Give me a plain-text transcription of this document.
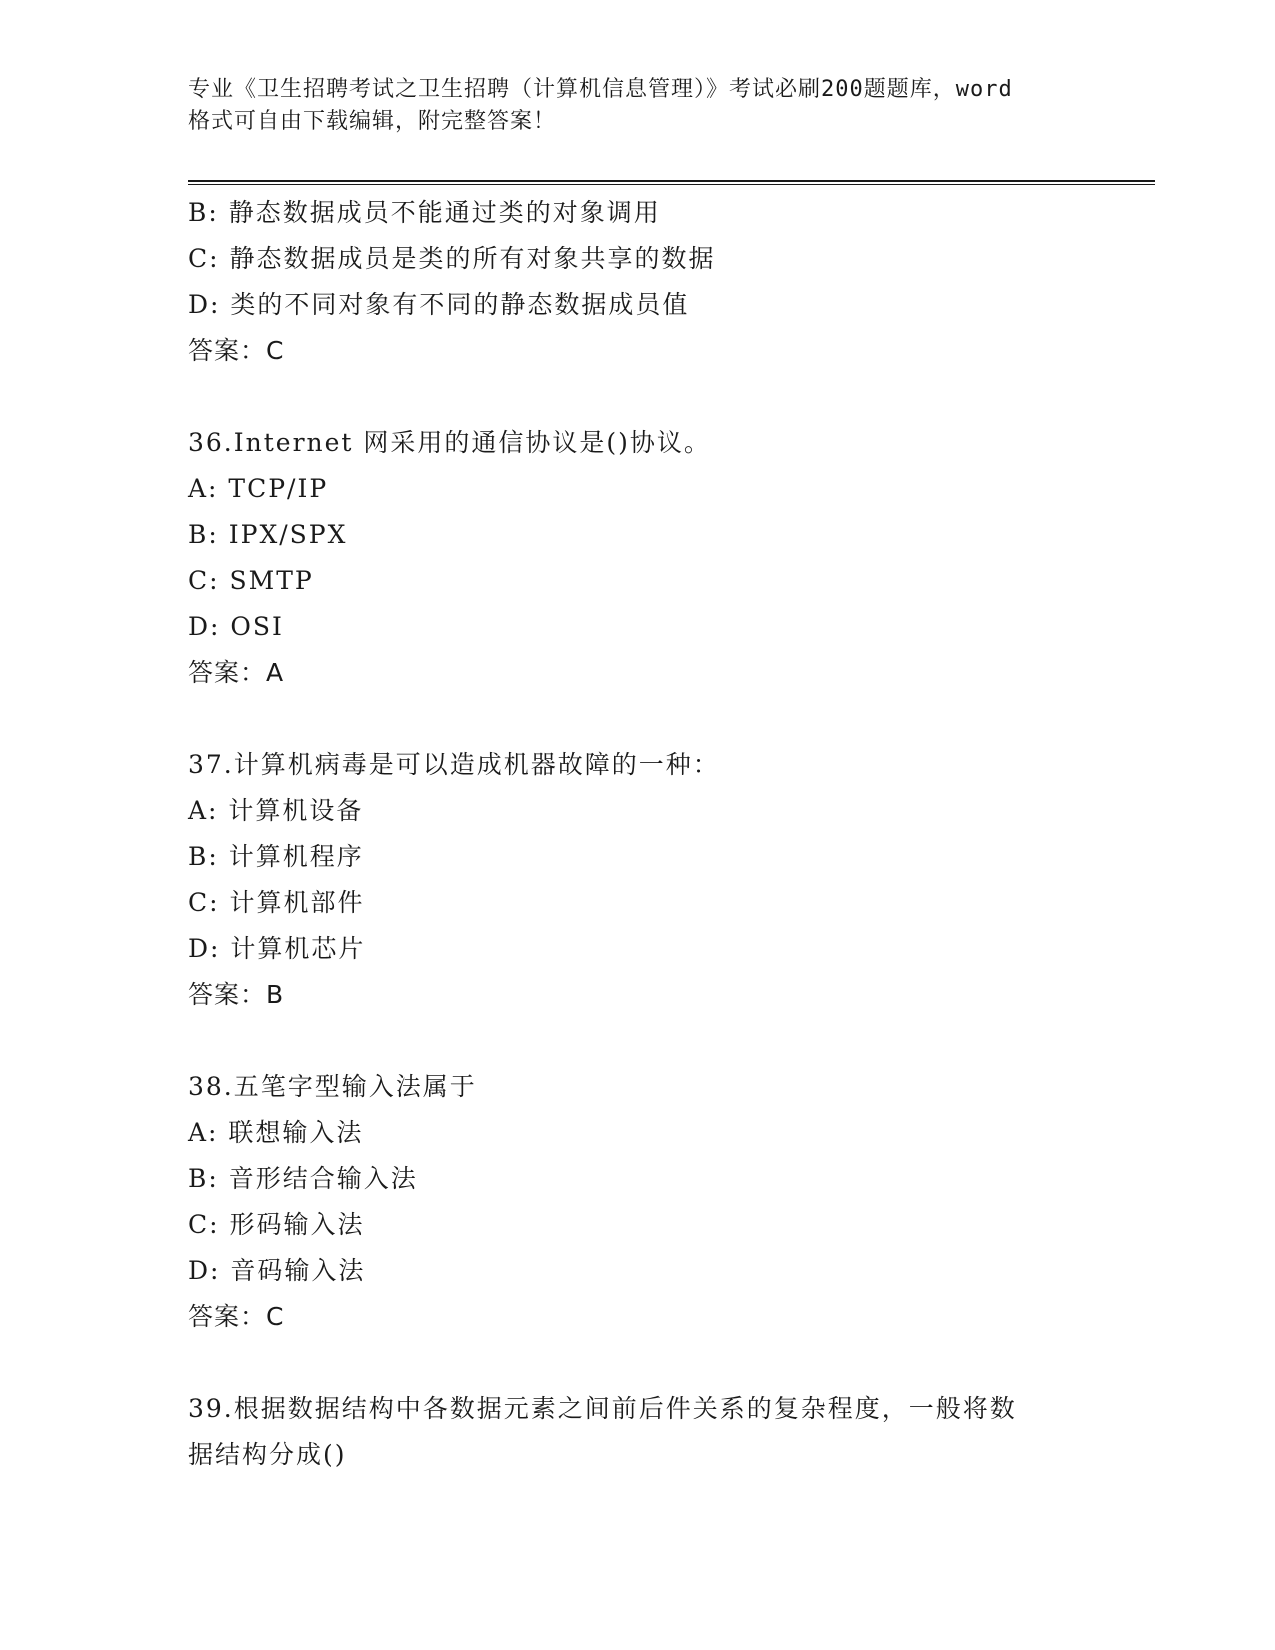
专业《卫生招聘考试之卫生招聘（计算机信息管理）》考试必刷200题题库，word
格式可自由下载编辑，附完整答案！
B: 静态数据成员不能通过类的对象调用
C: 静态数据成员是类的所有对象共享的数据
D: 类的不同对象有不同的静态数据成员值
答案：C
36.Internet 网采用的通信协议是()协议。
A: TCP/IP
B: IPX/SPX
C: SMTP
D: OSI
答案：A
37.计算机病毒是可以造成机器故障的一种：
A: 计算机设备
B: 计算机程序
C: 计算机部件
D: 计算机芯片
答案：B
38.五笔字型输入法属于
A: 联想输入法
B: 音形结合输入法
C: 形码输入法
D: 音码输入法
答案：C
39.根据数据结构中各数据元素之间前后件关系的复杂程度，一般将数
据结构分成()
